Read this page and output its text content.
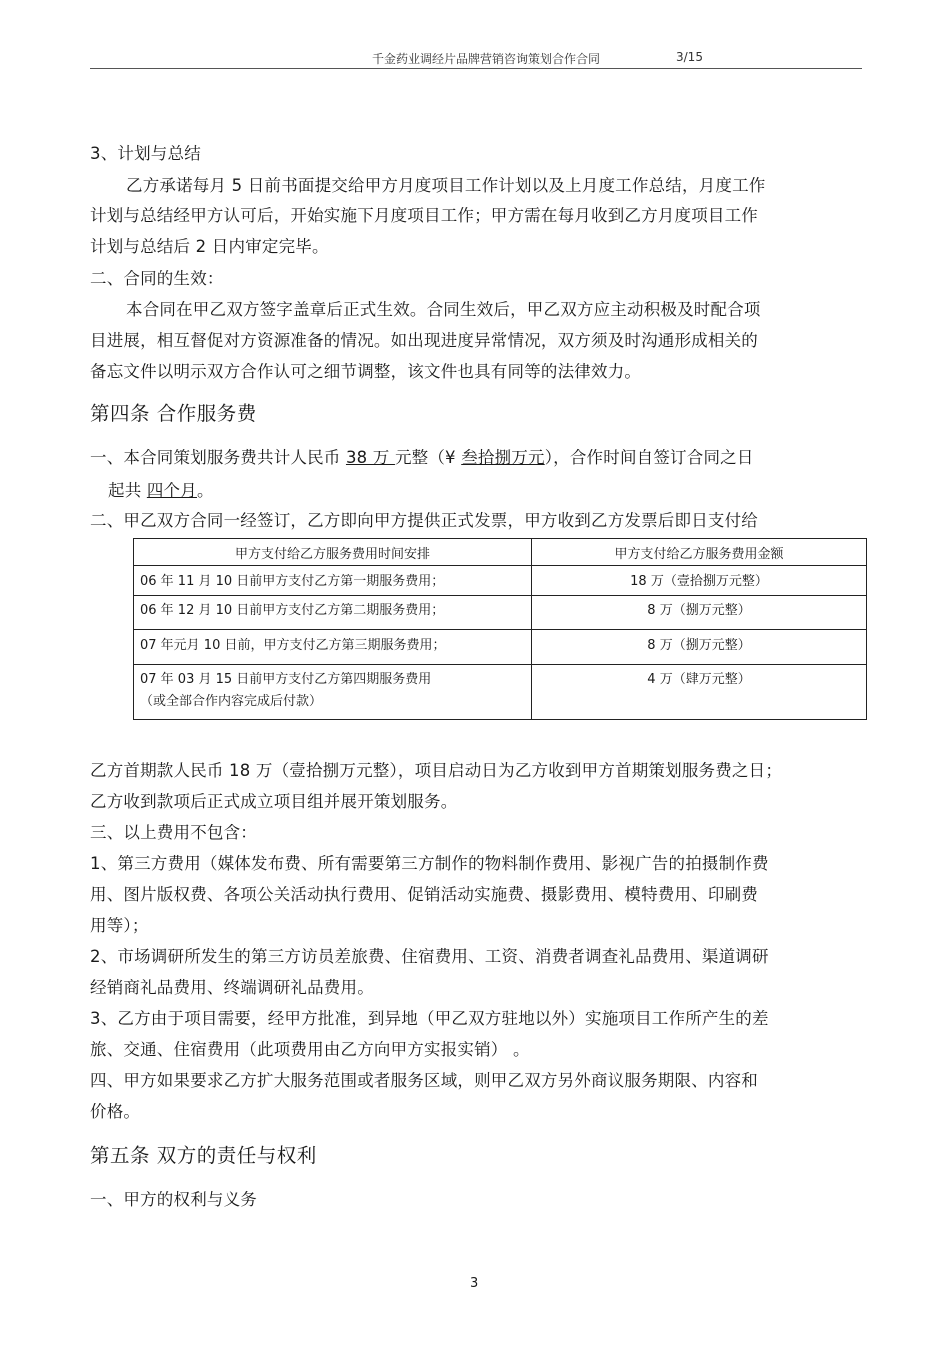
千金药业调经片品牌营销咨询策划合作合同	3/15
3、计划与总结
乙方承诺每月 5 日前书面提交给甲方月度项目工作计划以及上月度工作总结，月度工作
计划与总结经甲方认可后，开始实施下月度项目工作；甲方需在每月收到乙方月度项目工作
计划与总结后 2 日内审定完毕。
二、合同的生效：
本合同在甲乙双方签字盖章后正式生效。合同生效后，甲乙双方应主动积极及时配合项
目进展，相互督促对方资源准备的情况。如出现进度异常情况，双方须及时沟通形成相关的
备忘文件以明示双方合作认可之细节调整，该文件也具有同等的法律效力。
第四条 合作服务费
一、本合同策划服务费共计人民币 38 万 元整（¥ 叁拾捌万元），合作时间自签订合同之日
起共 四个月。
二、甲乙双方合同一经签订，乙方即向甲方提供正式发票，甲方收到乙方发票后即日支付给
甲方支付给乙方服务费用时间安排	甲方支付给乙方服务费用金额
06 年 11 月 10 日前甲方支付乙方第一期服务费用；	18 万（壹拾捌万元整）
06 年 12 月 10 日前甲方支付乙方第二期服务费用；	8 万（捌万元整）
07 年元月 10 日前，甲方支付乙方第三期服务费用；	8 万（捌万元整）

07 年 03 月 15 日前甲方支付乙方第四期服务费用
（或全部合作内容完成后付款）	4 万（肆万元整）
乙方首期款人民币 18 万（壹拾捌万元整），项目启动日为乙方收到甲方首期策划服务费之日；
乙方收到款项后正式成立项目组并展开策划服务。
三、以上费用不包含：
1、第三方费用（媒体发布费、所有需要第三方制作的物料制作费用、影视广告的拍摄制作费
用、图片版权费、各项公关活动执行费用、促销活动实施费、摄影费用、模特费用、印刷费
用等）；
2、市场调研所发生的第三方访员差旅费、住宿费用、工资、消费者调查礼品费用、渠道调研
经销商礼品费用、终端调研礼品费用。
3、乙方由于项目需要，经甲方批准，到异地（甲乙双方驻地以外）实施项目工作所产生的差
旅、交通、住宿费用（此项费用由乙方向甲方实报实销） 。
四、甲方如果要求乙方扩大服务范围或者服务区域，则甲乙双方另外商议服务期限、内容和
价格。
第五条 双方的责任与权利
一、甲方的权利与义务
3
